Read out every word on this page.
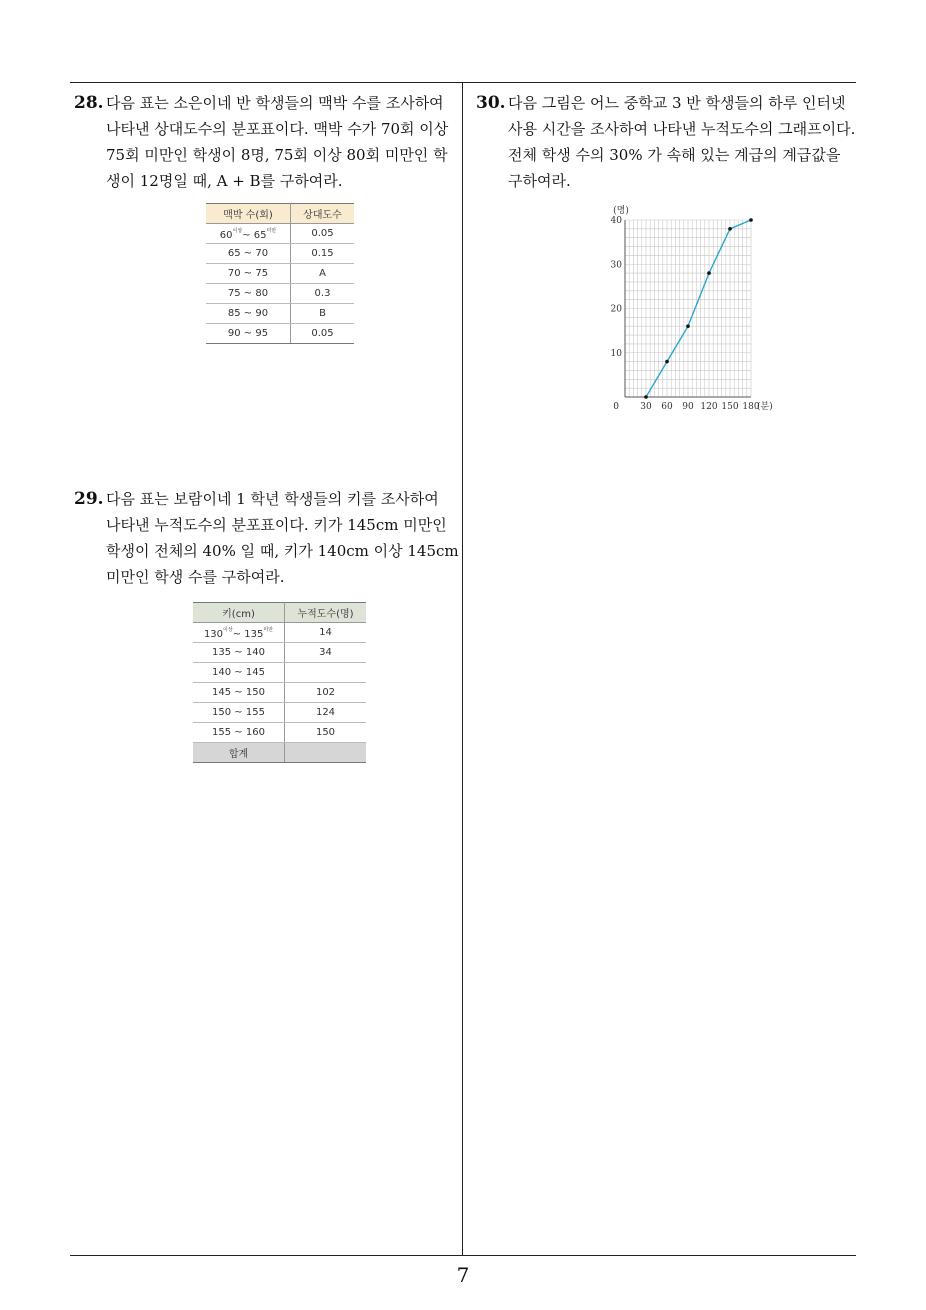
28. 다음 표는 소은이네 반 학생들의 맥박 수를 조사하여
나타낸 상대도수의 분포표이다. 맥박 수가 70회 이상
75회 미만인 학생이 8명, 75회 이상 80회 미만인 학
생이 12명일 때, A + B를 구하여라.
맥박 수(회)	상대도수
$60^{이상}\sim$ $65^{미만}$	0.05
65 ~ 70	0.15
70 ~ 75	A
75 ~ 80	0.3
85 ~ 90	B
90 ~ 95	0.05
29. 다음 표는 보람이네 1 학년 학생들의 키를 조사하여
나타낸 누적도수의 분포표이다. 키가 145cm 미만인
학생이 전체의 40% 일 때, 키가 140cm 이상 145cm
미만인 학생 수를 구하여라.
키(cm)	누적도수(명)
$130^{이상}\sim$ $135^{미만}$	14
135 ~ 140	34
140 ~ 145	
145 ~ 150	102
150 ~ 155	124
155 ~ 160	150
합계	
30. 다음 그림은 어느 중학교 3 반 학생들의 하루 인터넷
사용 시간을 조사하여 나타낸 누적도수의 그래프이다.
전체 학생 수의 30% 가 속해 있는 계급의 계급값을
구하여라.
30 60 90 120 150 180
10
20
30
40
0	(분)
(명)
7
